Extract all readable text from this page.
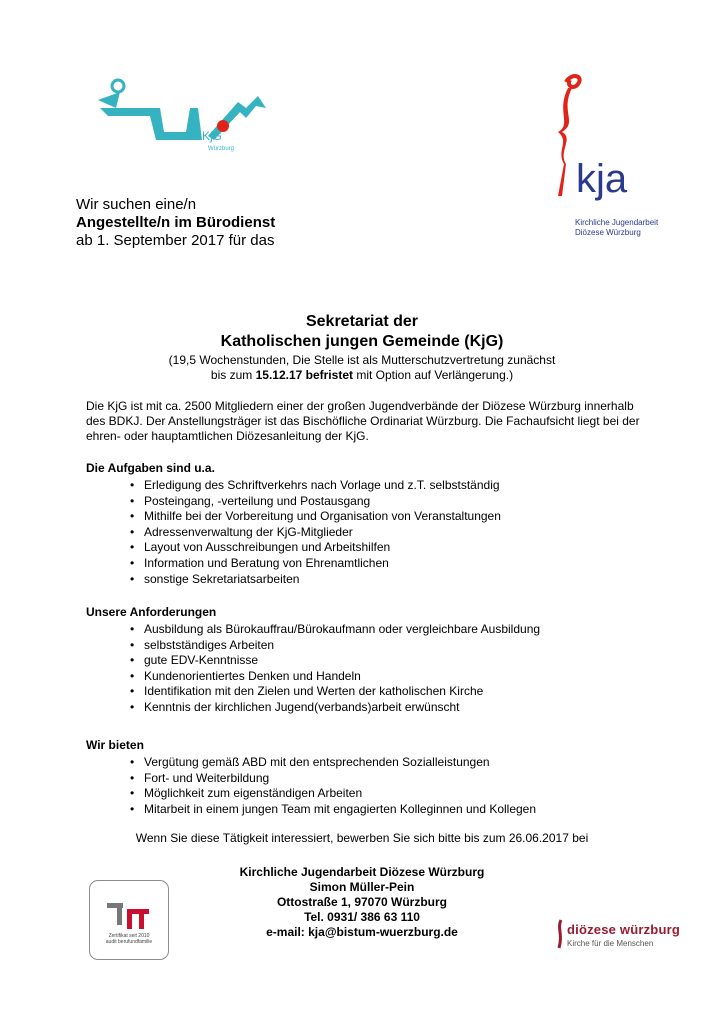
KjG
Würzburg
kja
Kirchliche Jugendarbeit
Diözese Würzburg
Wir suchen eine/n
Angestellte/n im Bürodienst
ab 1. September 2017 für das
Sekretariat der
Katholischen jungen Gemeinde (KjG)
(19,5 Wochenstunden, Die Stelle ist als Mutterschutzvertretung zunächst
bis zum 15.12.17 befristet mit Option auf Verlängerung.)
Die KjG ist mit ca. 2500 Mitgliedern einer der großen Jugendverbände der Diözese Würzburg innerhalb des BDKJ. Der Anstellungsträger ist das Bischöfliche Ordinariat Würzburg. Die Fachaufsicht liegt bei der ehren- oder hauptamtlichen Diözesanleitung der KjG.
Die Aufgaben sind u.a.
• Erledigung des Schriftverkehrs nach Vorlage und z.T. selbstständig
• Posteingang, -verteilung und Postausgang
• Mithilfe bei der Vorbereitung und Organisation von Veranstaltungen
• Adressenverwaltung der KjG-Mitglieder
• Layout von Ausschreibungen und Arbeitshilfen
• Information und Beratung von Ehrenamtlichen
• sonstige Sekretariatsarbeiten
Unsere Anforderungen
• Ausbildung als Bürokauffrau/Bürokaufmann oder vergleichbare Ausbildung
• selbstständiges Arbeiten
• gute EDV-Kenntnisse
• Kundenorientiertes Denken und Handeln
• Identifikation mit den Zielen und Werten der katholischen Kirche
• Kenntnis der kirchlichen Jugend(verbands)arbeit erwünscht
Wir bieten
• Vergütung gemäß ABD mit den entsprechenden Sozialleistungen
• Fort- und Weiterbildung
• Möglichkeit zum eigenständigen Arbeiten
• Mitarbeit in einem jungen Team mit engagierten Kolleginnen und Kollegen
Wenn Sie diese Tätigkeit interessiert, bewerben Sie sich bitte bis zum 26.06.2017 bei
Kirchliche Jugendarbeit Diözese Würzburg
Simon Müller-Pein
Ottostraße 1, 97070 Würzburg
Tel. 0931/ 386 63 110
e-mail: kja@bistum-wuerzburg.de
Zertifikat seit 2010
audit berufundfamilie
diözese würzburg
Kirche für die Menschen
